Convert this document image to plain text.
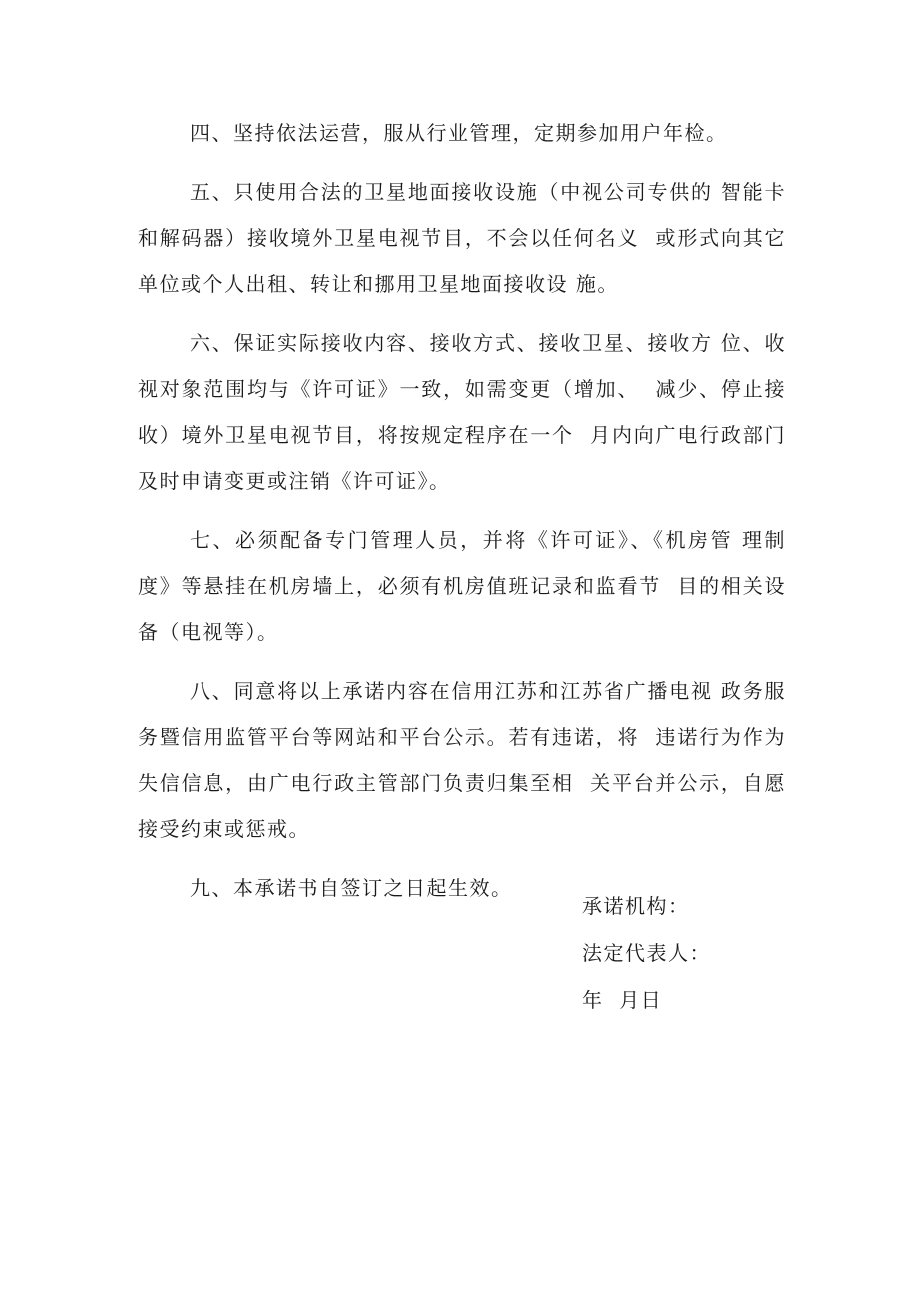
四、坚持依法运营，服从行业管理，定期参加用户年检。

五、只使用合法的卫星地面接收设施（中视公司专供的 智能卡和解码器）接收境外卫星电视节目，不会以任何名义  或形式向其它单位或个人出租、转让和挪用卫星地面接收设 施。

六、保证实际接收内容、接收方式、接收卫星、接收方 位、收视对象范围均与《许可证》一致，如需变更（增加、  减少、停止接收）境外卫星电视节目，将按规定程序在一个  月内向广电行政部门及时申请变更或注销《许可证》。

七、必须配备专门管理人员，并将《许可证》、《机房管 理制度》等悬挂在机房墙上，必须有机房值班记录和监看节  目的相关设备（电视等）。

八、同意将以上承诺内容在信用江苏和江苏省广播电视 政务服务暨信用监管平台等网站和平台公示。若有违诺，将  违诺行为作为失信信息，由广电行政主管部门负责归集至相  关平台并公示，自愿接受约束或惩戒。

九、本承诺书自签订之日起生效。

承诺机构：
法定代表人：
年  月日
